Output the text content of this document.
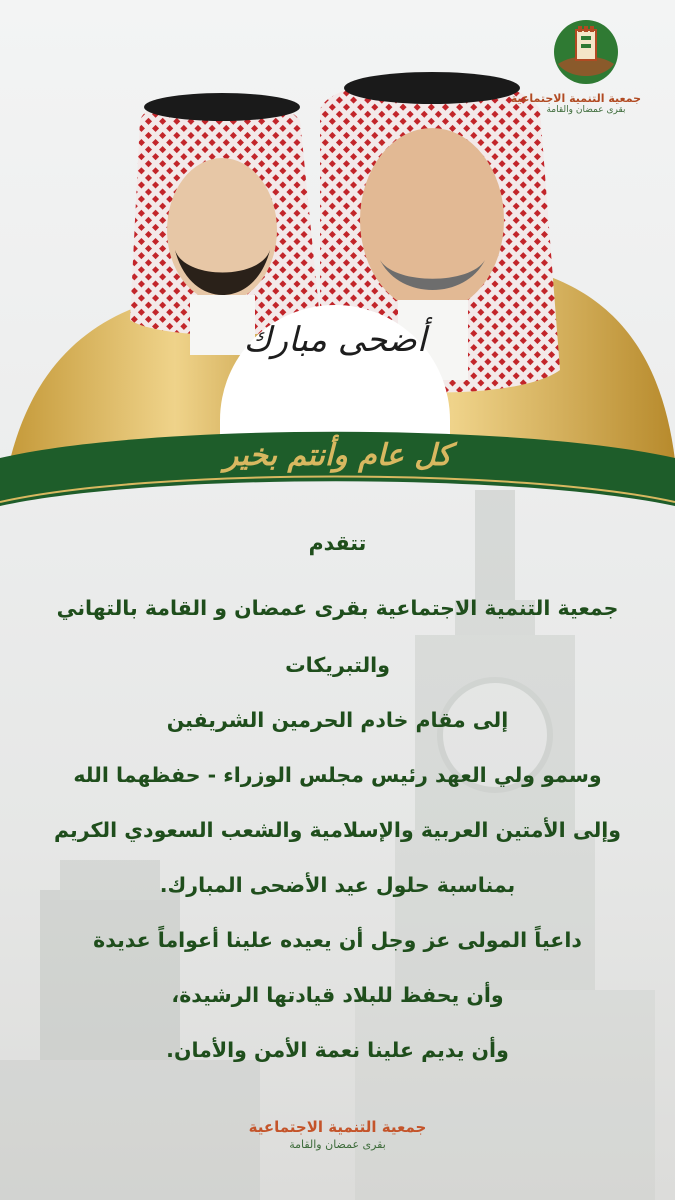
أضحى مبارك
كل عام وأنتم بخير
جمعية التنمية الاجتماعية
بقرى عمضان والقامة

تتقدم

جمعية التنمية الاجتماعية بقرى عمضان و القامة بالتهاني

والتبريكات

إلى مقام خادم الحرمين الشريفين

وسمو ولي العهد رئيس مجلس الوزراء - حفظهما الله

وإلى الأمتين العربية والإسلامية والشعب السعودي الكريم

بمناسبة حلول عيد الأضحى المبارك.

داعياً المولى عز وجل أن يعيده علينا أعواماً عديدة

وأن يحفظ للبلاد قيادتها الرشيدة،

وأن يديم علينا نعمة الأمن والأمان.

جمعية التنمية الاجتماعية
بقرى عمضان والقامة
